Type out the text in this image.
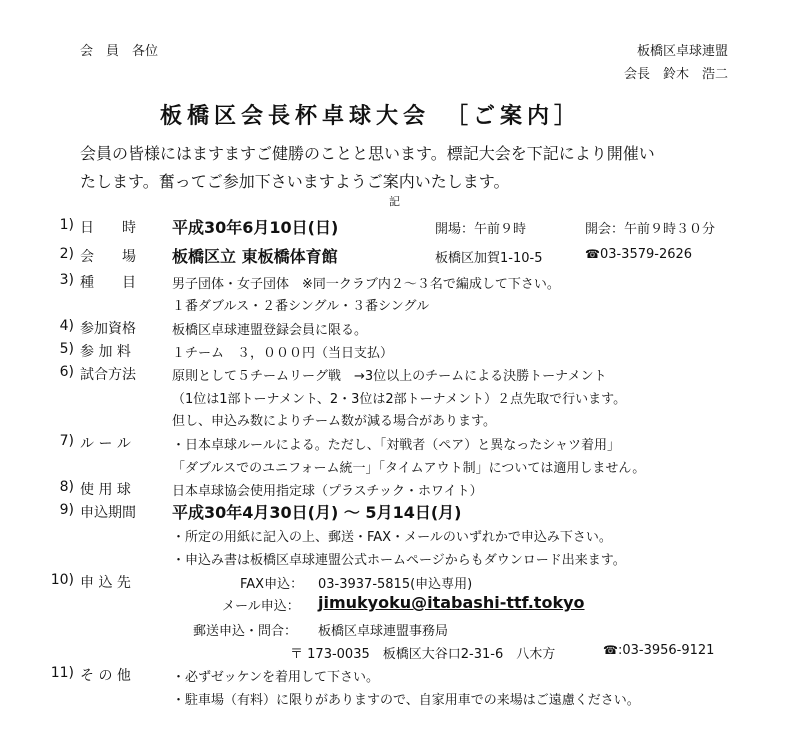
会　員　各位	板橋区卓球連盟
会長　鈴木　浩二
板橋区会長杯卓球大会　［ご案内］
会員の皆様にはますますご健勝のことと思います。標記大会を下記により開催い
たします。奮ってご参加下さいますようご案内いたします。
記
1) 日　　時 平成30年6月10日(日)	開場：午前９時	開会：午前９時３０分
2) 会　　場 板橋区立 東板橋体育館	板橋区加賀1-10-5	☎03-3579-2626
3) 種　　目	男子団体・女子団体　※同一クラブ内２～３名で編成して下さい。
１番ダブルス・２番シングル・３番シングル
4) 参加資格	板橋区卓球連盟登録会員に限る。
5) 参 加 料	１チーム　３，０００円（当日支払）
6) 試合方法	原則として５チームリーグ戦　→3位以上のチームによる決勝トーナメント
（1位は1部トーナメント、2・3位は2部トーナメント）２点先取で行います。
但し、申込み数によりチーム数が減る場合があります。
7) ル ー ル	・日本卓球ルールによる。ただし、「対戦者（ペア）と異なったシャツ着用」
「ダブルスでのユニフォーム統一」「タイムアウト制」については適用しません。
8) 使 用 球	日本卓球協会使用指定球（プラスチック・ホワイト）
9) 申込期間 平成30年4月30日(月) ～ 5月14日(月)
・所定の用紙に記入の上、郵送・FAX・メールのいずれかで申込み下さい。
・申込み書は板橋区卓球連盟公式ホームページからもダウンロード出来ます。
10) 申 込 先	FAX申込： 03-3937-5815(申込専用)
メール申込： jimukyoku@itabashi-ttf.tokyo
郵送申込・問合： 板橋区卓球連盟事務局
〒 173-0035　板橋区大谷口2-31-6　八木方	☎:03-3956-9121
11) そ の 他	・必ずゼッケンを着用して下さい。
・駐車場（有料）に限りがありますので、自家用車での来場はご遠慮ください。
